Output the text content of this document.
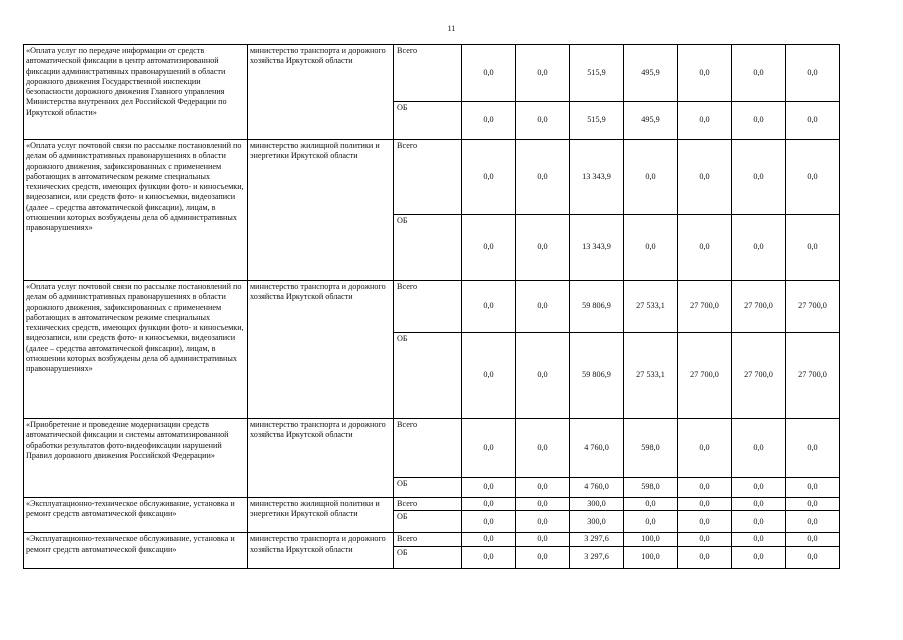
11
«Оплата услуг по передаче информации от средств автоматической фиксации в центр автоматизированной фиксации административных правонарушений в области дорожного движения Государственной инспекции безопасности дорожного движения Главного управления Министерства внутренних дел Российской Федерации по Иркутской области»	министерство транспорта и дорожного хозяйства Иркутской области	Всего	0,0	0,0	515,9	495,9	0,0	0,0	0,0
		ОБ	0,0	0,0	515,9	495,9	0,0	0,0	0,0
«Оплата услуг почтовой связи по рассылке постановлений по делам об административных правонарушениях в области дорожного движения, зафиксированных с применением работающих в автоматическом режиме специальных технических средств, имеющих функции фото- и киносъемки, видеозаписи, или средств фото- и киносъемки, видеозаписи (далее – средства автоматической фиксации), лицам, в отношении которых возбуждены дела об административных правонарушениях»	министерство жилищной политики и энергетики Иркутской области	Всего	0,0	0,0	13 343,9	0,0	0,0	0,0	0,0
		ОБ	0,0	0,0	13 343,9	0,0	0,0	0,0	0,0
«Оплата услуг почтовой связи по рассылке постановлений по делам об административных правонарушениях в области дорожного движения, зафиксированных с применением работающих в автоматическом режиме специальных технических средств, имеющих функции фото- и киносъемки, видеозаписи, или средств фото- и киносъемки, видеозаписи (далее – средства автоматической фиксации), лицам, в отношении которых возбуждены дела об административных правонарушениях»	министерство транспорта и дорожного хозяйства Иркутской области	Всего	0,0	0,0	59 806,9	27 533,1	27 700,0	27 700,0	27 700,0
		ОБ	0,0	0,0	59 806,9	27 533,1	27 700,0	27 700,0	27 700,0
«Приобретение и проведение модернизации средств автоматической фиксации и системы автоматизированной обработки результатов фото-видеофиксации нарушений Правил дорожного движения Российской Федерации»	министерство транспорта и дорожного хозяйства Иркутской области	Всего	0,0	0,0	4 760,0	598,0	0,0	0,0	0,0
		ОБ	0,0	0,0	4 760,0	598,0	0,0	0,0	0,0
«Эксплуатационно-техническое обслуживание, установка и ремонт средств автоматической фиксации»	министерство жилищной политики и энергетики Иркутской области	Всего	0,0	0,0	300,0	0,0	0,0	0,0	0,0
		ОБ	0,0	0,0	300,0	0,0	0,0	0,0	0,0
«Эксплуатационно-техническое обслуживание, установка и ремонт средств автоматической фиксации»	министерство транспорта и дорожного хозяйства Иркутской области	Всего	0,0	0,0	3 297,6	100,0	0,0	0,0	0,0
		ОБ	0,0	0,0	3 297,6	100,0	0,0	0,0	0,0
